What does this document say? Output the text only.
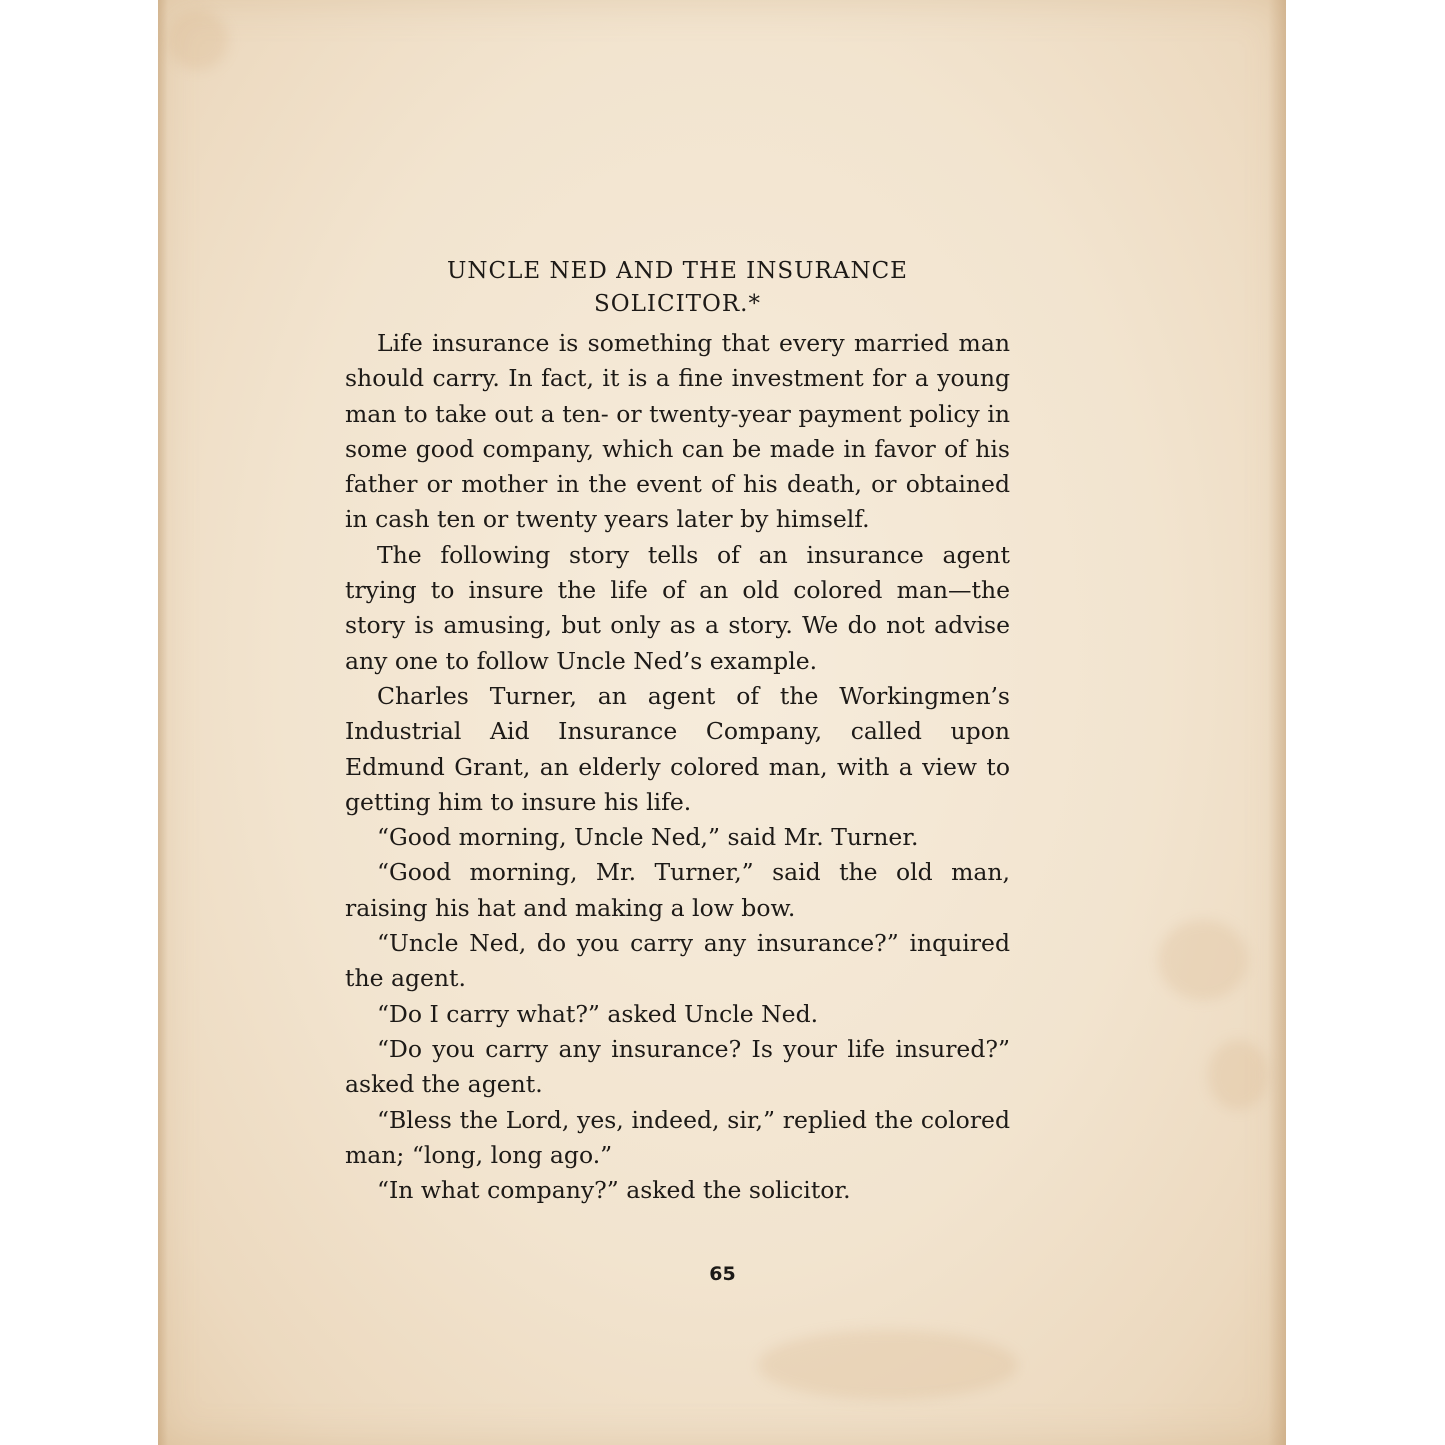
UNCLE NED AND THE INSURANCE
SOLICITOR.*

Life insurance is something that every married man should carry. In fact, it is a fine investment for a young man to take out a ten- or twenty-year payment policy in some good company, which can be made in favor of his father or mother in the event of his death, or obtained in cash ten or twenty years later by himself.

The following story tells of an insurance agent trying to insure the life of an old colored man—the story is amusing, but only as a story. We do not advise any one to follow Uncle Ned’s example.

Charles Turner, an agent of the Workingmen’s Industrial Aid Insurance Company, called upon Edmund Grant, an elderly colored man, with a view to getting him to insure his life.

“Good morning, Uncle Ned,” said Mr. Turner.

“Good morning, Mr. Turner,” said the old man, raising his hat and making a low bow.

“Uncle Ned, do you carry any insurance?” inquired the agent.

“Do I carry what?” asked Uncle Ned.

“Do you carry any insurance? Is your life insured?” asked the agent.

“Bless the Lord, yes, indeed, sir,” replied the colored man; “long, long ago.”

“In what company?” asked the solicitor.

65
